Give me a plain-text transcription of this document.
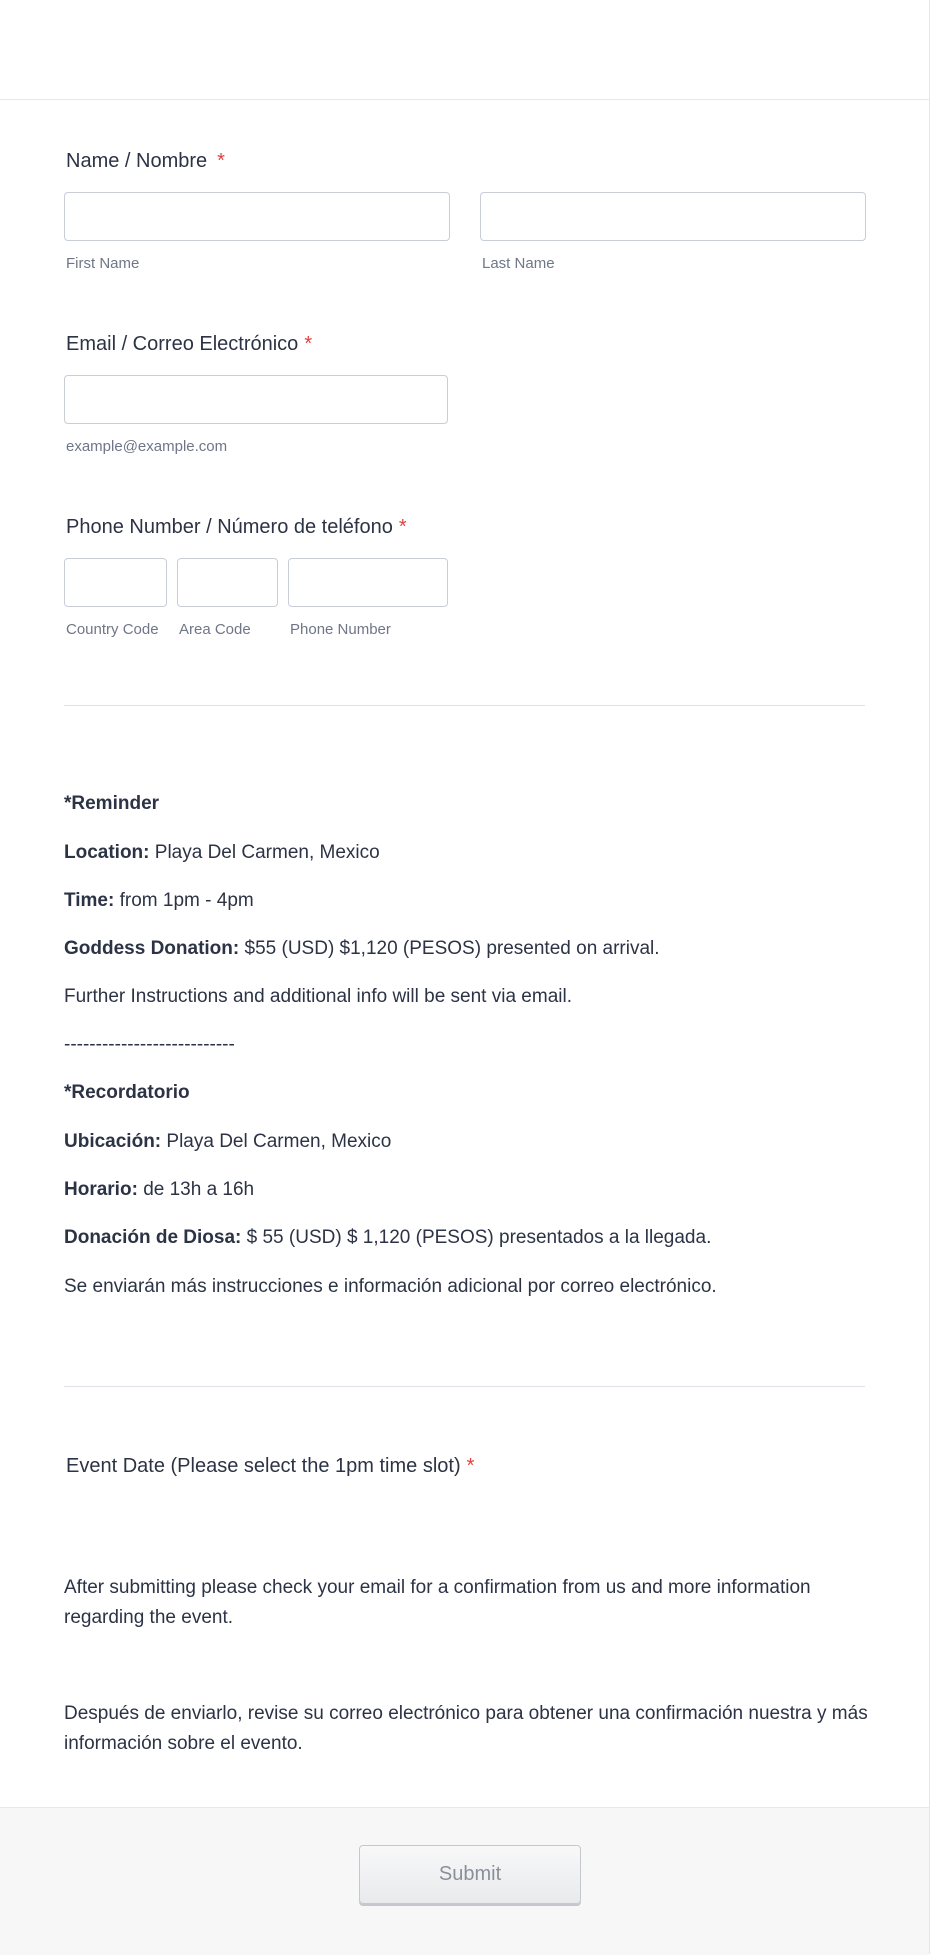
Name / Nombre *
First Name	Last Name
Email / Correo Electrónico *
example@example.com
Phone Number / Número de teléfono *
Country Code Area Code	Phone Number
*Reminder
Location: Playa Del Carmen, Mexico
Time: from 1pm - 4pm
Goddess Donation: $55 (USD) $1,120 (PESOS) presented on arrival.
Further Instructions and additional info will be sent via email.
---------------------------
*Recordatorio
Ubicación: Playa Del Carmen, Mexico
Horario: de 13h a 16h
Donación de Diosa: $ 55 (USD) $ 1,120 (PESOS) presentados a la llegada.
Se enviarán más instrucciones e información adicional por correo electrónico.
Event Date (Please select the 1pm time slot) *
After submitting please check your email for a confirmation from us and more information regarding the event.
Después de enviarlo, revise su correo electrónico para obtener una confirmación nuestra y más información sobre el evento.
Submit
